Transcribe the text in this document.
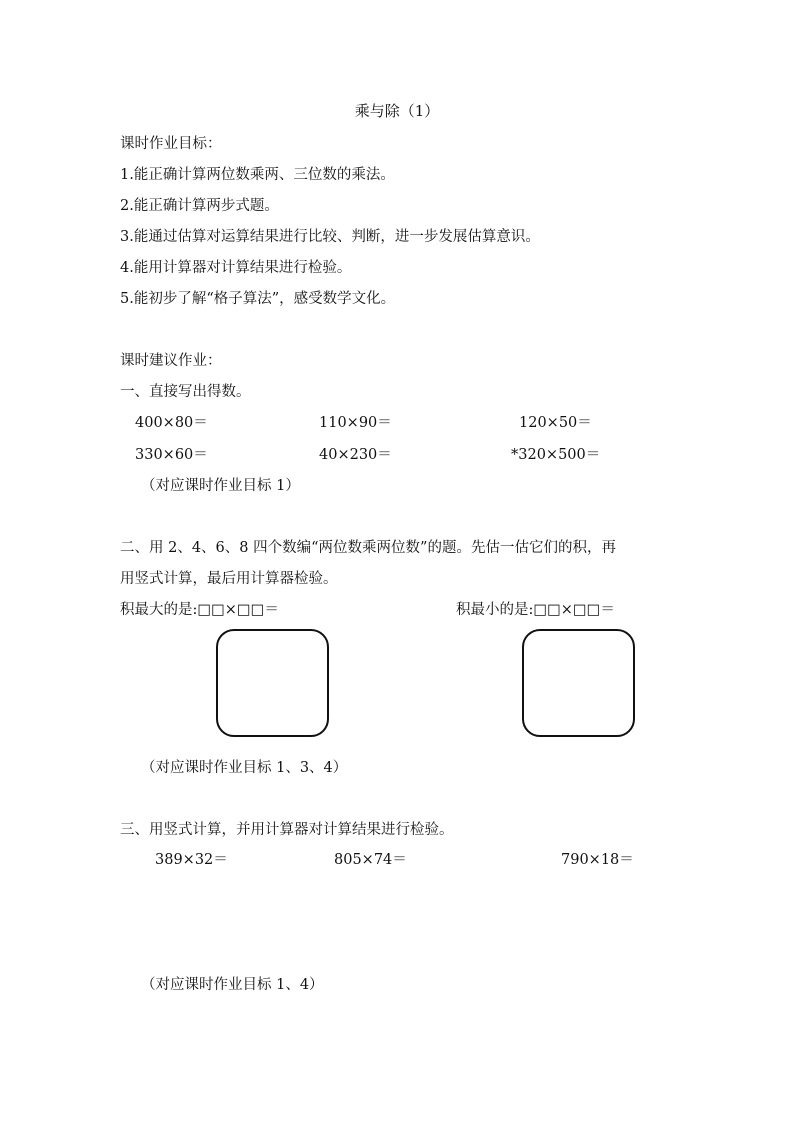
乘与除（1）
课时作业目标：
1.能正确计算两位数乘两、三位数的乘法。
2.能正确计算两步式题。
3.能通过估算对运算结果进行比较、判断，进一步发展估算意识。
4.能用计算器对计算结果进行检验。
5.能初步了解“格子算法”，感受数学文化。
课时建议作业：
一、直接写出得数。
400×80＝	110×90＝	120×50＝
330×60＝	40×230＝	*320×500＝
（对应课时作业目标 1）
二、用 2、4、6、8 四个数编“两位数乘两位数”的题。先估一估它们的积，再
用竖式计算，最后用计算器检验。
积最大的是:□□×□□＝	积最小的是:□□×□□＝
（对应课时作业目标 1、3、4）
三、用竖式计算，并用计算器对计算结果进行检验。
389×32＝	805×74＝	790×18＝
（对应课时作业目标 1、4）
